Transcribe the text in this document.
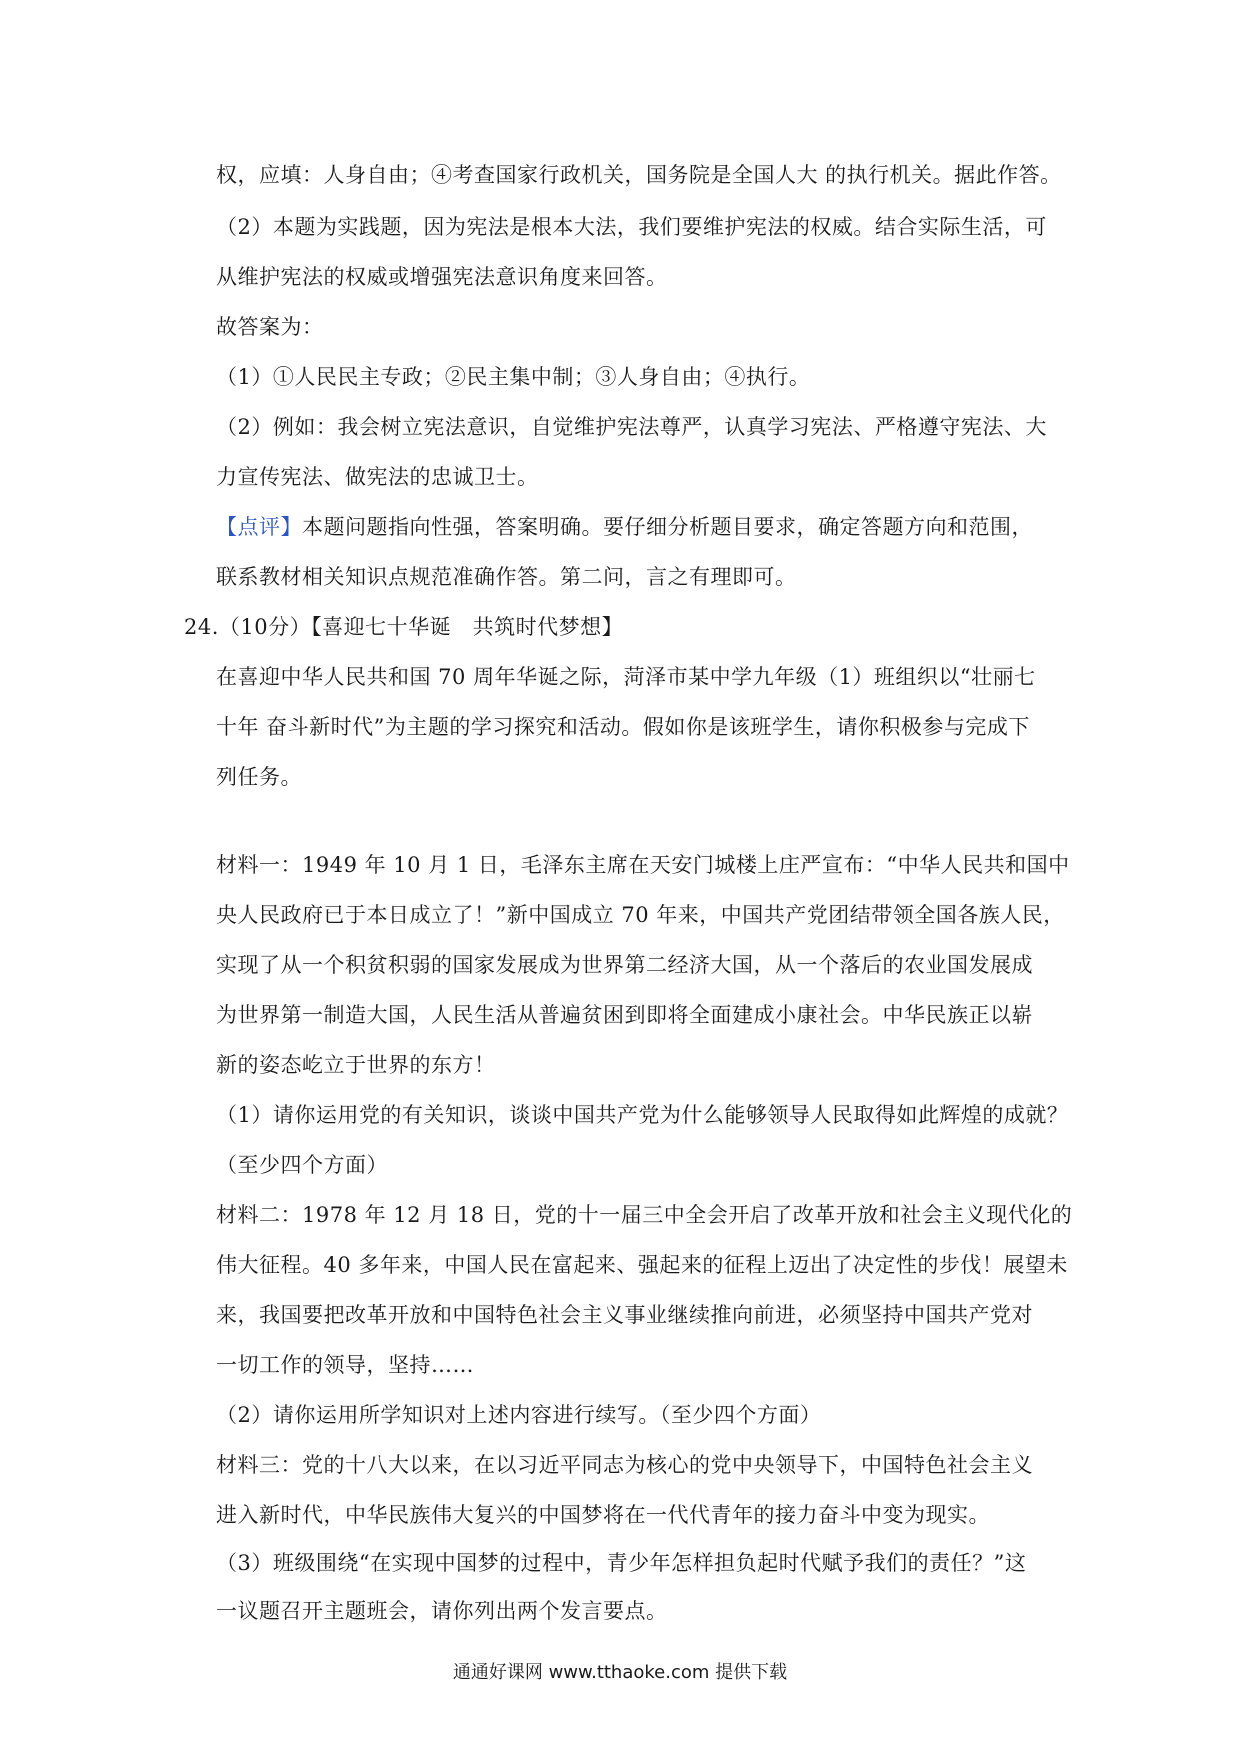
权，应填：人身自由；④考查国家行政机关，国务院是全国人大 的执行机关。据此作答。
（2）本题为实践题，因为宪法是根本大法，我们要维护宪法的权威。结合实际生活，可
从维护宪法的权威或增强宪法意识角度来回答。
故答案为：
（1）①人民民主专政；②民主集中制；③人身自由；④执行。
（2）例如：我会树立宪法意识，自觉维护宪法尊严，认真学习宪法、严格遵守宪法、大
力宣传宪法、做宪法的忠诚卫士。
【点评】本题问题指向性强，答案明确。要仔细分析题目要求，确定答题方向和范围，
联系教材相关知识点规范准确作答。第二问，言之有理即可。
24.（10分）【喜迎七十华诞　共筑时代梦想】
在喜迎中华人民共和国 70 周年华诞之际，菏泽市某中学九年级（1）班组织以“壮丽七
十年 奋斗新时代”为主题的学习探究和活动。假如你是该班学生，请你积极参与完成下
列任务。
材料一：1949 年 10 月 1 日，毛泽东主席在天安门城楼上庄严宣布：“中华人民共和国中
央人民政府已于本日成立了！”新中国成立 70 年来，中国共产党团结带领全国各族人民，
实现了从一个积贫积弱的国家发展成为世界第二经济大国，从一个落后的农业国发展成
为世界第一制造大国，人民生活从普遍贫困到即将全面建成小康社会。中华民族正以崭
新的姿态屹立于世界的东方！
（1）请你运用党的有关知识，谈谈中国共产党为什么能够领导人民取得如此辉煌的成就？
（至少四个方面）
材料二：1978 年 12 月 18 日，党的十一届三中全会开启了改革开放和社会主义现代化的
伟大征程。40 多年来，中国人民在富起来、强起来的征程上迈出了决定性的步伐！展望未
来，我国要把改革开放和中国特色社会主义事业继续推向前进，必须坚持中国共产党对
一切工作的领导，坚持……
（2）请你运用所学知识对上述内容进行续写。（至少四个方面）
材料三：党的十八大以来，在以习近平同志为核心的党中央领导下，中国特色社会主义
进入新时代，中华民族伟大复兴的中国梦将在一代代青年的接力奋斗中变为现实。
（3）班级围绕“在实现中国梦的过程中，青少年怎样担负起时代赋予我们的责任？”这
一议题召开主题班会，请你列出两个发言要点。
通通好课网 www.tthaoke.com 提供下载
